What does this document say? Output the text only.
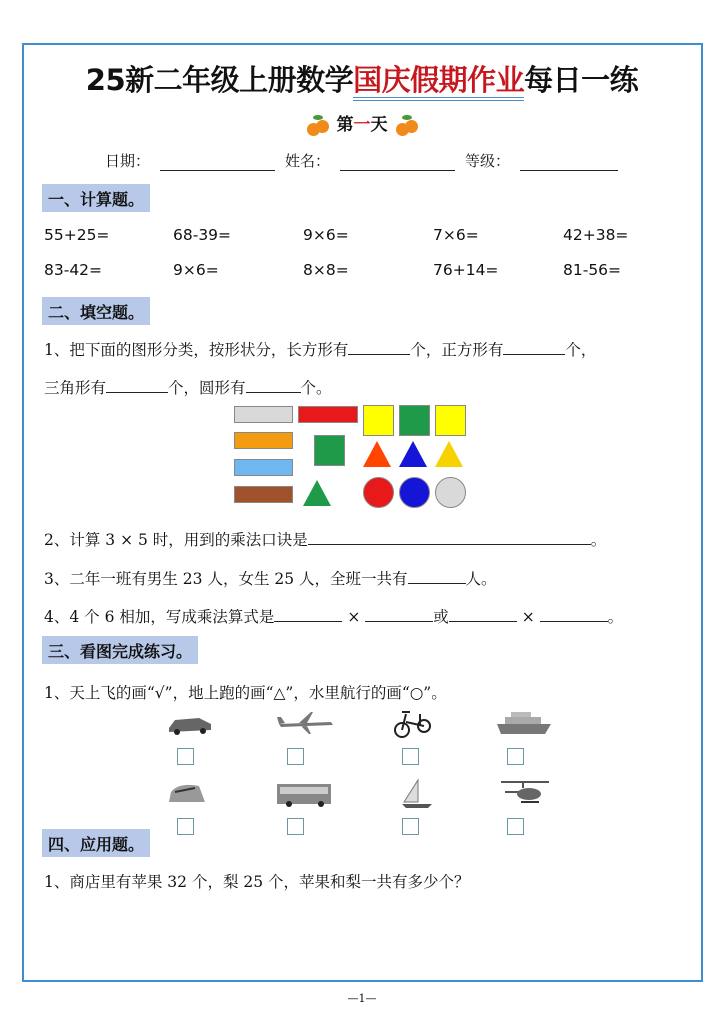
25新二年级上册数学国庆假期作业每日一练
第一天
日期：	姓名：	等级：
一、计算题。
55+25=	68-39=	9×6=	7×6=	42+38=
83-42=	9×6=	8×8=	76+14=	81-56=
二、填空题。
1、把下面的图形分类，按形状分，长方形有	个，正方形有	个，
三角形有	个，圆形有	个。
2、计算 3 × 5 时，用到的乘法口诀是	。
3、二年一班有男生 23 人，女生 25 人，全班一共有	人。
4、4 个 6 相加，写成乘法算式是	×	或	×	。
三、看图完成练习。
1、天上飞的画“√”，地上跑的画“△”，水里航行的画“○”。
四、应用题。
1、商店里有苹果 32 个，梨 25 个，苹果和梨一共有多少个？
—1—
